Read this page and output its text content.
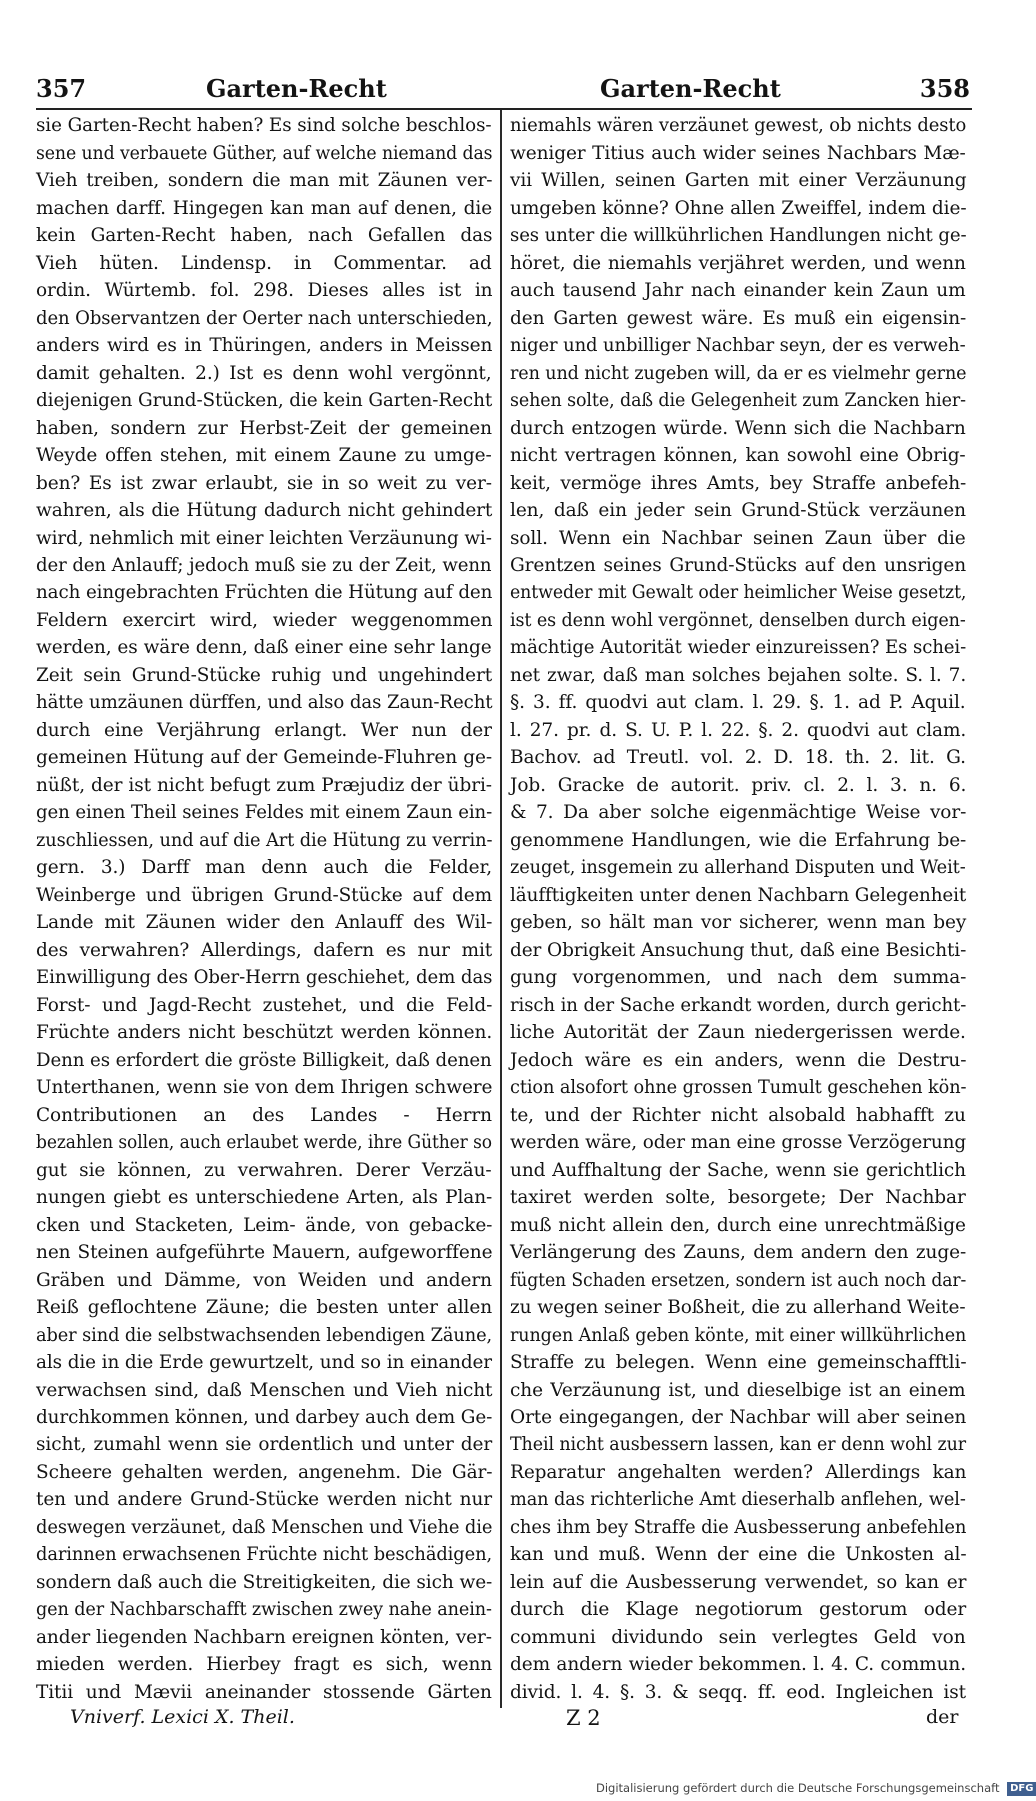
357	Garten-Recht	Garten-Recht	358
sie Garten-Recht haben? Es sind solche beschlos-
sene und verbauete Güther, auf welche niemand das
Vieh treiben, sondern die man mit Zäunen ver-
machen darff. Hingegen kan man auf denen, die
kein Garten-Recht haben, nach Gefallen das
Vieh hüten. Lindensp. in Commentar. ad
ordin. Würtemb. fol. 298. Dieses alles ist in
den Observantzen der Oerter nach unterschieden,
anders wird es in Thüringen, anders in Meissen
damit gehalten. 2.) Ist es denn wohl vergönnt,
diejenigen Grund-Stücken, die kein Garten-Recht
haben, sondern zur Herbst-Zeit der gemeinen
Weyde offen stehen, mit einem Zaune zu umge-
ben? Es ist zwar erlaubt, sie in so weit zu ver-
wahren, als die Hütung dadurch nicht gehindert
wird, nehmlich mit einer leichten Verzäunung wi-
der den Anlauff; jedoch muß sie zu der Zeit, wenn
nach eingebrachten Früchten die Hütung auf den
Feldern exercirt wird, wieder weggenommen
werden, es wäre denn, daß einer eine sehr lange
Zeit sein Grund-Stücke ruhig und ungehindert
hätte umzäunen dürffen, und also das Zaun-Recht
durch eine Verjährung erlangt. Wer nun der
gemeinen Hütung auf der Gemeinde-Fluhren ge-
nüßt, der ist nicht befugt zum Præjudiz der übri-
gen einen Theil seines Feldes mit einem Zaun ein-
zuschliessen, und auf die Art die Hütung zu verrin-
gern. 3.) Darff man denn auch die Felder,
Weinberge und übrigen Grund-Stücke auf dem
Lande mit Zäunen wider den Anlauff des Wil-
des verwahren? Allerdings, dafern es nur mit
Einwilligung des Ober-Herrn geschiehet, dem das
Forst- und Jagd-Recht zustehet, und die Feld-
Früchte anders nicht beschützt werden können.
Denn es erfordert die gröste Billigkeit, daß denen
Unterthanen, wenn sie von dem Ihrigen schwere
Contributionen an des Landes - Herrn
bezahlen sollen, auch erlaubet werde, ihre Güther so
gut sie können, zu verwahren. Derer Verzäu-
nungen giebt es unterschiedene Arten, als Plan-
cken und Stacketen, Leim- ände, von gebacke-
nen Steinen aufgeführte Mauern, aufgeworffene
Gräben und Dämme, von Weiden und andern
Reiß geflochtene Zäune; die besten unter allen
aber sind die selbstwachsenden lebendigen Zäune,
als die in die Erde gewurtzelt, und so in einander
verwachsen sind, daß Menschen und Vieh nicht
durchkommen können, und darbey auch dem Ge-
sicht, zumahl wenn sie ordentlich und unter der
Scheere gehalten werden, angenehm. Die Gär-
ten und andere Grund-Stücke werden nicht nur
deswegen verzäunet, daß Menschen und Viehe die
darinnen erwachsenen Früchte nicht beschädigen,
sondern daß auch die Streitigkeiten, die sich we-
gen der Nachbarschafft zwischen zwey nahe anein-
ander liegenden Nachbarn ereignen könten, ver-
mieden werden. Hierbey fragt es sich, wenn
Titii und Mævii aneinander stossende Gärten
niemahls wären verzäunet gewest, ob nichts desto
weniger Titius auch wider seines Nachbars Mæ-
vii Willen, seinen Garten mit einer Verzäunung
umgeben könne? Ohne allen Zweiffel, indem die-
ses unter die willkührlichen Handlungen nicht ge-
höret, die niemahls verjähret werden, und wenn
auch tausend Jahr nach einander kein Zaun um
den Garten gewest wäre. Es muß ein eigensin-
niger und unbilliger Nachbar seyn, der es verweh-
ren und nicht zugeben will, da er es vielmehr gerne
sehen solte, daß die Gelegenheit zum Zancken hier-
durch entzogen würde. Wenn sich die Nachbarn
nicht vertragen können, kan sowohl eine Obrig-
keit, vermöge ihres Amts, bey Straffe anbefeh-
len, daß ein jeder sein Grund-Stück verzäunen
soll. Wenn ein Nachbar seinen Zaun über die
Grentzen seines Grund-Stücks auf den unsrigen
entweder mit Gewalt oder heimlicher Weise gesetzt,
ist es denn wohl vergönnet, denselben durch eigen-
mächtige Autorität wieder einzureissen? Es schei-
net zwar, daß man solches bejahen solte. S. l. 7.
§. 3. ff. quodvi aut clam. l. 29. §. 1. ad P. Aquil.
l. 27. pr. d. S. U. P. l. 22. §. 2. quodvi aut clam.
Bachov. ad Treutl. vol. 2. D. 18. th. 2. lit. G.
Job. Gracke de autorit. priv. cl. 2. l. 3. n. 6.
& 7. Da aber solche eigenmächtige Weise vor-
genommene Handlungen, wie die Erfahrung be-
zeuget, insgemein zu allerhand Disputen und Weit-
läufftigkeiten unter denen Nachbarn Gelegenheit
geben, so hält man vor sicherer, wenn man bey
der Obrigkeit Ansuchung thut, daß eine Besichti-
gung vorgenommen, und nach dem summa-
risch in der Sache erkandt worden, durch gericht-
liche Autorität der Zaun niedergerissen werde.
Jedoch wäre es ein anders, wenn die Destru-
ction alsofort ohne grossen Tumult geschehen kön-
te, und der Richter nicht alsobald habhafft zu
werden wäre, oder man eine grosse Verzögerung
und Auffhaltung der Sache, wenn sie gerichtlich
taxiret werden solte, besorgete; Der Nachbar
muß nicht allein den, durch eine unrechtmäßige
Verlängerung des Zauns, dem andern den zuge-
fügten Schaden ersetzen, sondern ist auch noch dar-
zu wegen seiner Boßheit, die zu allerhand Weite-
rungen Anlaß geben könte, mit einer willkührlichen
Straffe zu belegen. Wenn eine gemeinschafftli-
che Verzäunung ist, und dieselbige ist an einem
Orte eingegangen, der Nachbar will aber seinen
Theil nicht ausbessern lassen, kan er denn wohl zur
Reparatur angehalten werden? Allerdings kan
man das richterliche Amt dieserhalb anflehen, wel-
ches ihm bey Straffe die Ausbesserung anbefehlen
kan und muß. Wenn der eine die Unkosten al-
lein auf die Ausbesserung verwendet, so kan er
durch die Klage negotiorum gestorum oder
communi dividundo sein verlegtes Geld von
dem andern wieder bekommen. l. 4. C. commun.
divid. l. 4. §. 3. & seqq. ff. eod. Ingleichen ist
Vniverf. Lexici X. Theil.	Z 2	der
Digitalisierung gefördert durch die Deutsche Forschungsgemeinschaft DFG
